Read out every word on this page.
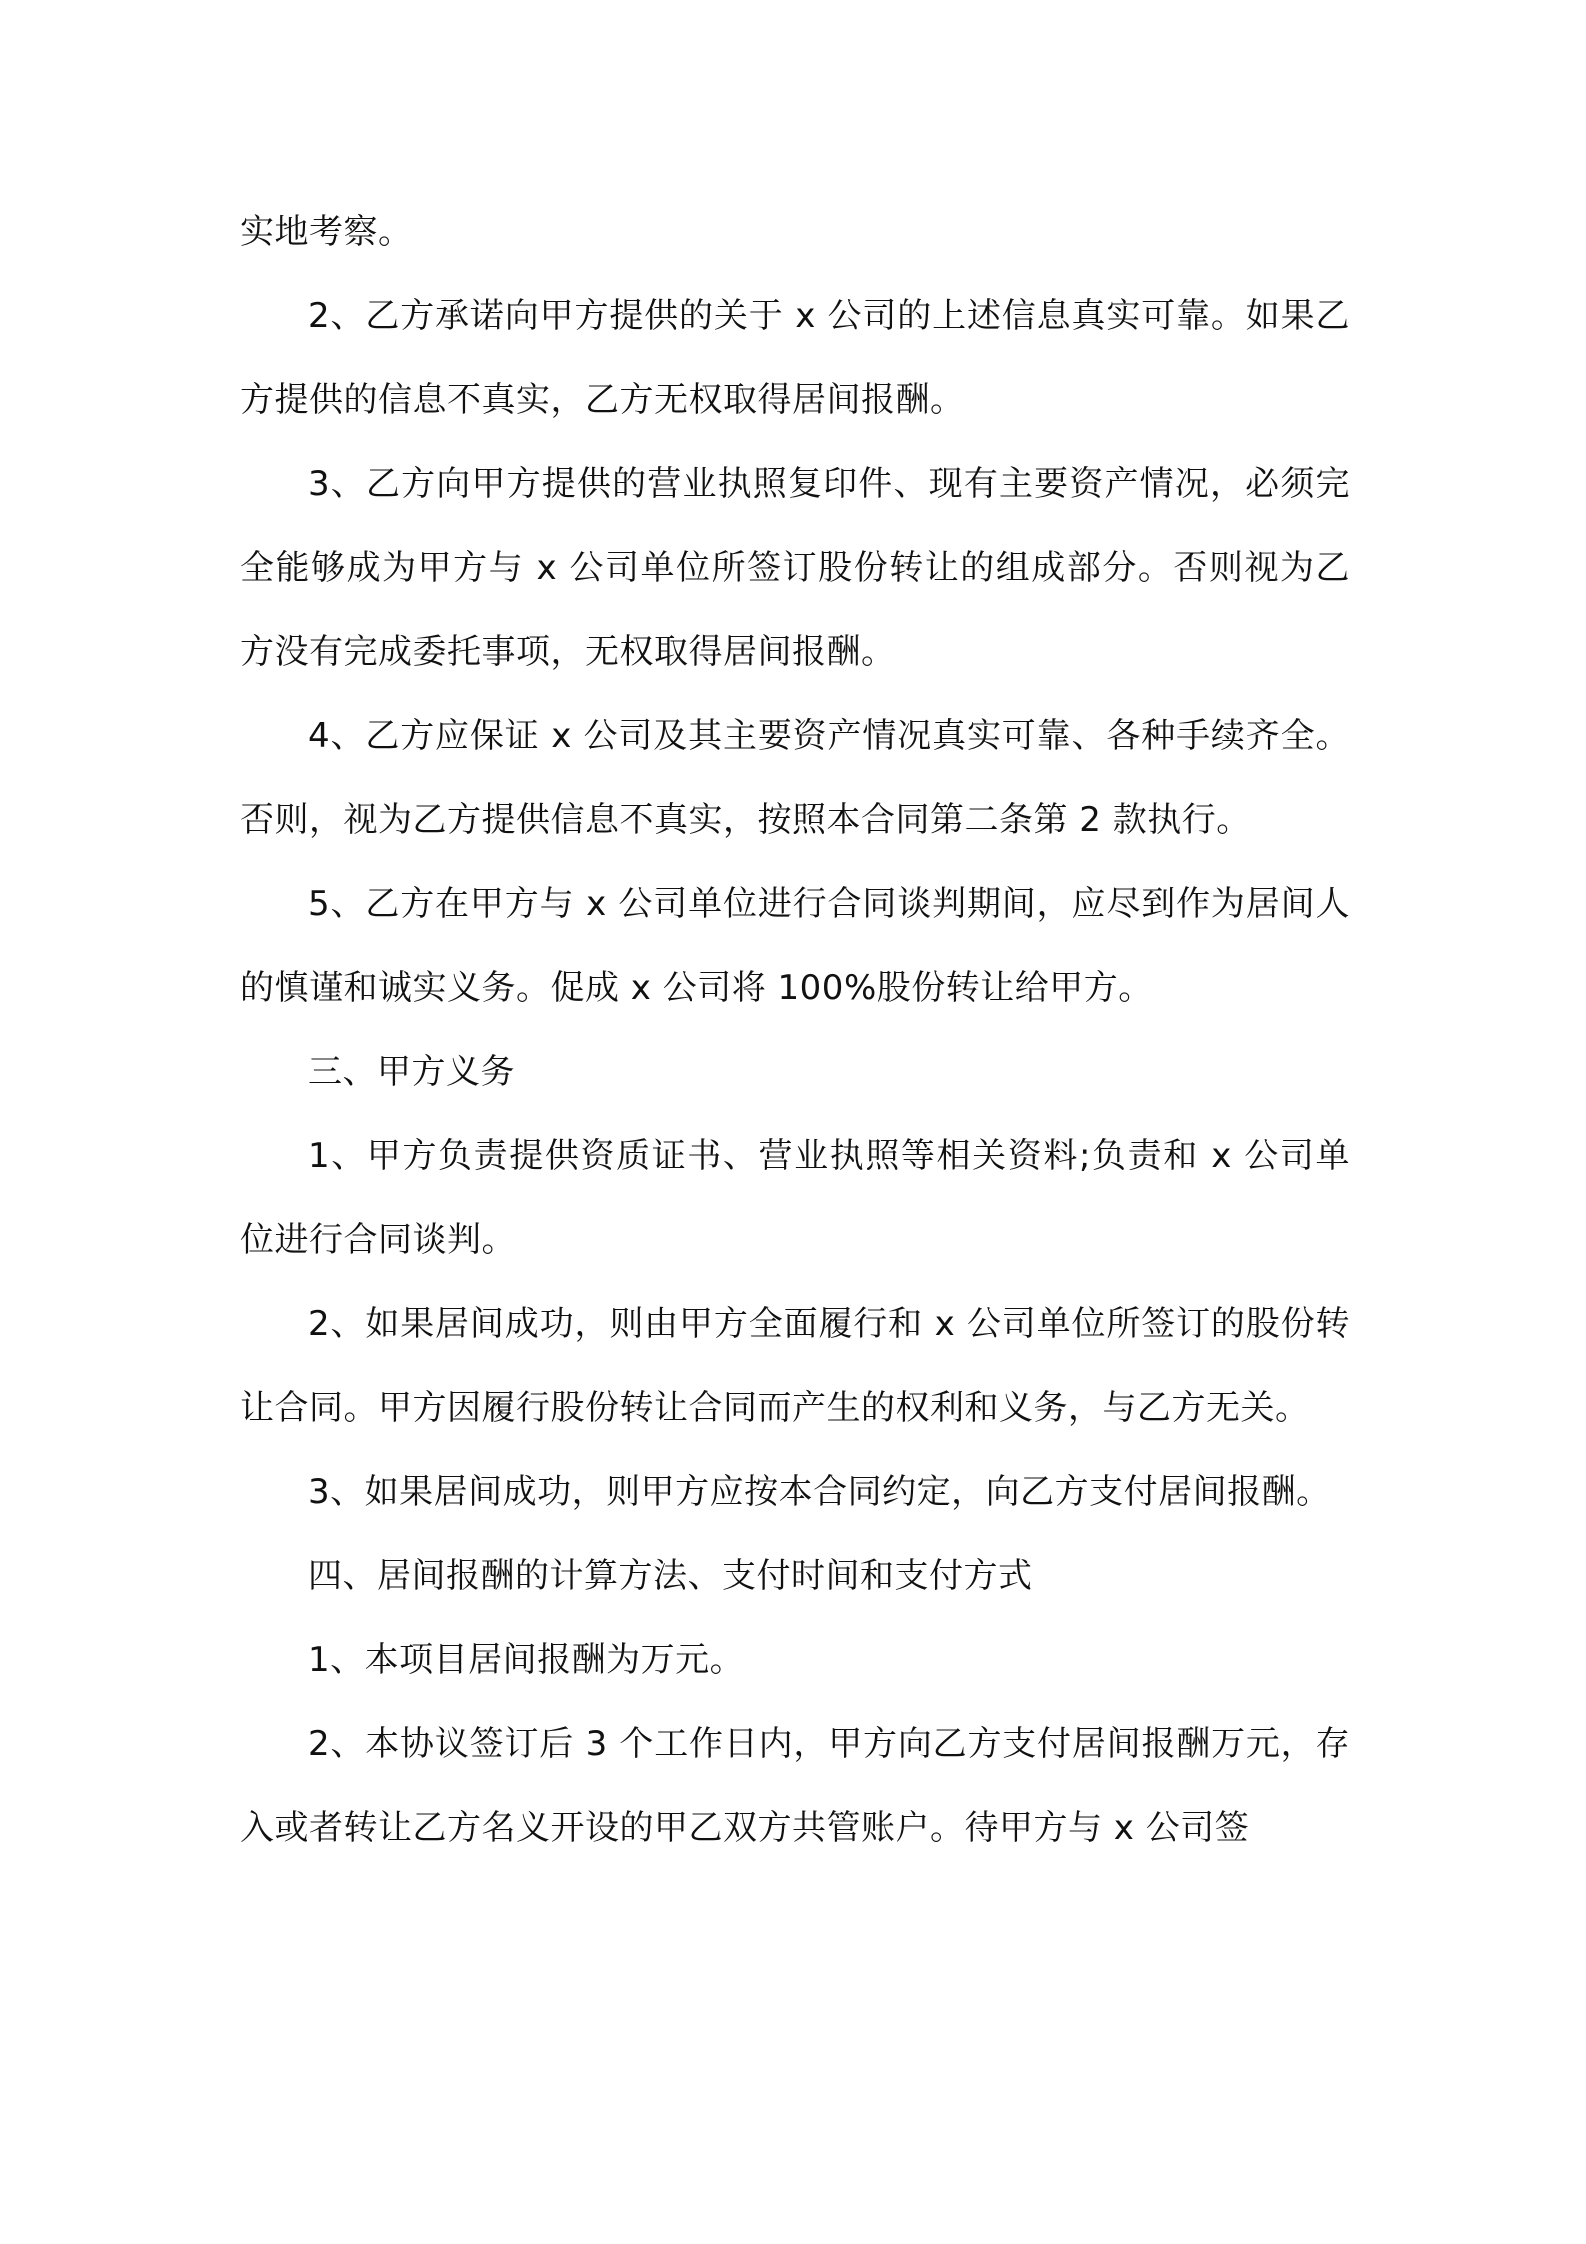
实地考察。

2、乙方承诺向甲方提供的关于 x 公司的上述信息真实可靠。如果乙方提供的信息不真实，乙方无权取得居间报酬。

3、乙方向甲方提供的营业执照复印件、现有主要资产情况，必须完全能够成为甲方与 x 公司单位所签订股份转让的组成部分。否则视为乙方没有完成委托事项，无权取得居间报酬。

4、乙方应保证 x 公司及其主要资产情况真实可靠、各种手续齐全。否则，视为乙方提供信息不真实，按照本合同第二条第 2 款执行。

5、乙方在甲方与 x 公司单位进行合同谈判期间，应尽到作为居间人的慎谨和诚实义务。促成 x 公司将 100%股份转让给甲方。

三、甲方义务

1、甲方负责提供资质证书、营业执照等相关资料;负责和 x 公司单位进行合同谈判。

2、如果居间成功，则由甲方全面履行和 x 公司单位所签订的股份转让合同。甲方因履行股份转让合同而产生的权利和义务，与乙方无关。

3、如果居间成功，则甲方应按本合同约定，向乙方支付居间报酬。

四、居间报酬的计算方法、支付时间和支付方式

1、本项目居间报酬为万元。

2、本协议签订后 3 个工作日内，甲方向乙方支付居间报酬万元，存入或者转让乙方名义开设的甲乙双方共管账户。待甲方与 x 公司签
